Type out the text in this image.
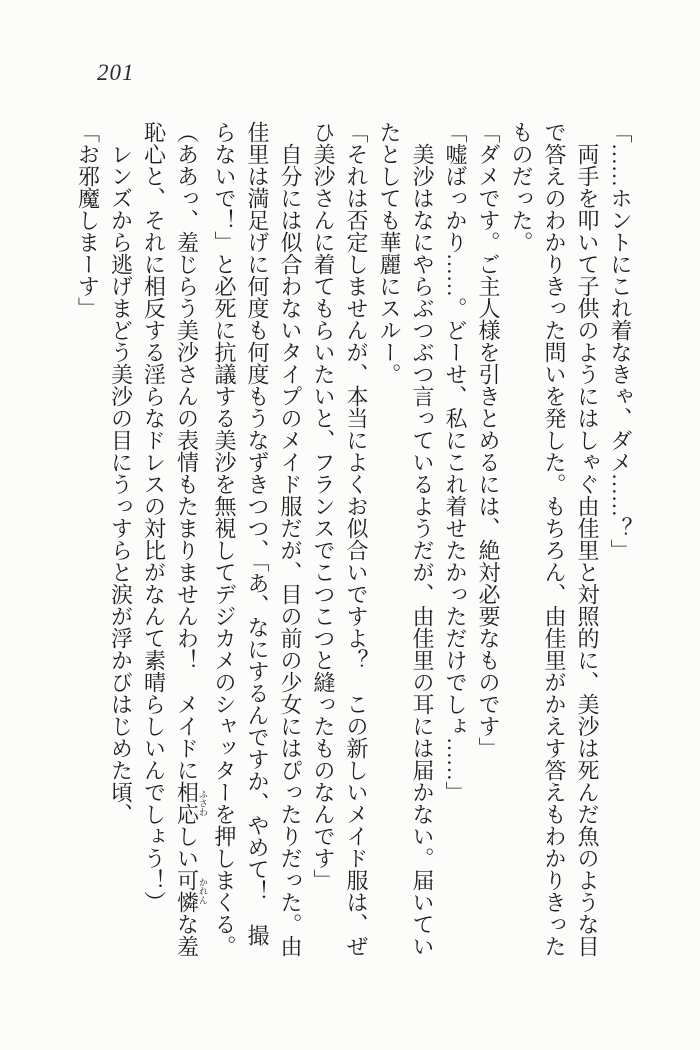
201

「……ホントにこれ着なきゃ、ダメ……？」

両手を叩いて子供のようにはしゃぐ由佳里と対照的に、美沙は死んだ魚のような目で答えのわかりきった問いを発した。もちろん、由佳里がかえす答えもわかりきったものだった。

「ダメです。ご主人様を引きとめるには、絶対必要なものです」

「嘘ばっかり……。どーせ、私にこれ着せたかっただけでしょ……」

美沙はなにやらぶつぶつ言っているようだが、由佳里の耳には届かない。届いていたとしても華麗にスルー。

「それは否定しませんが、本当によくお似合いですよ？　この新しいメイド服は、ぜひ美沙さんに着てもらいたいと、フランスでこつこつと縫ったものなんです」

自分には似合わないタイプのメイド服だが、目の前の少女にはぴったりだった。由佳里は満足げに何度も何度もうなずきつつ、「あ、なにするんですか、やめて！　撮らないで！」と必死に抗議する美沙を無視してデジカメのシャッターを押しまくる。

（ああっ、羞じらう美沙さんの表情もたまりませんわ！　メイドに相応ふさわしい可憐かれんな羞恥心と、それに相反する淫らなドレスの対比がなんて素晴らしいんでしょう！）

レンズから逃げまどう美沙の目にうっすらと涙が浮かびはじめた頃、

「お邪魔しまーす」
